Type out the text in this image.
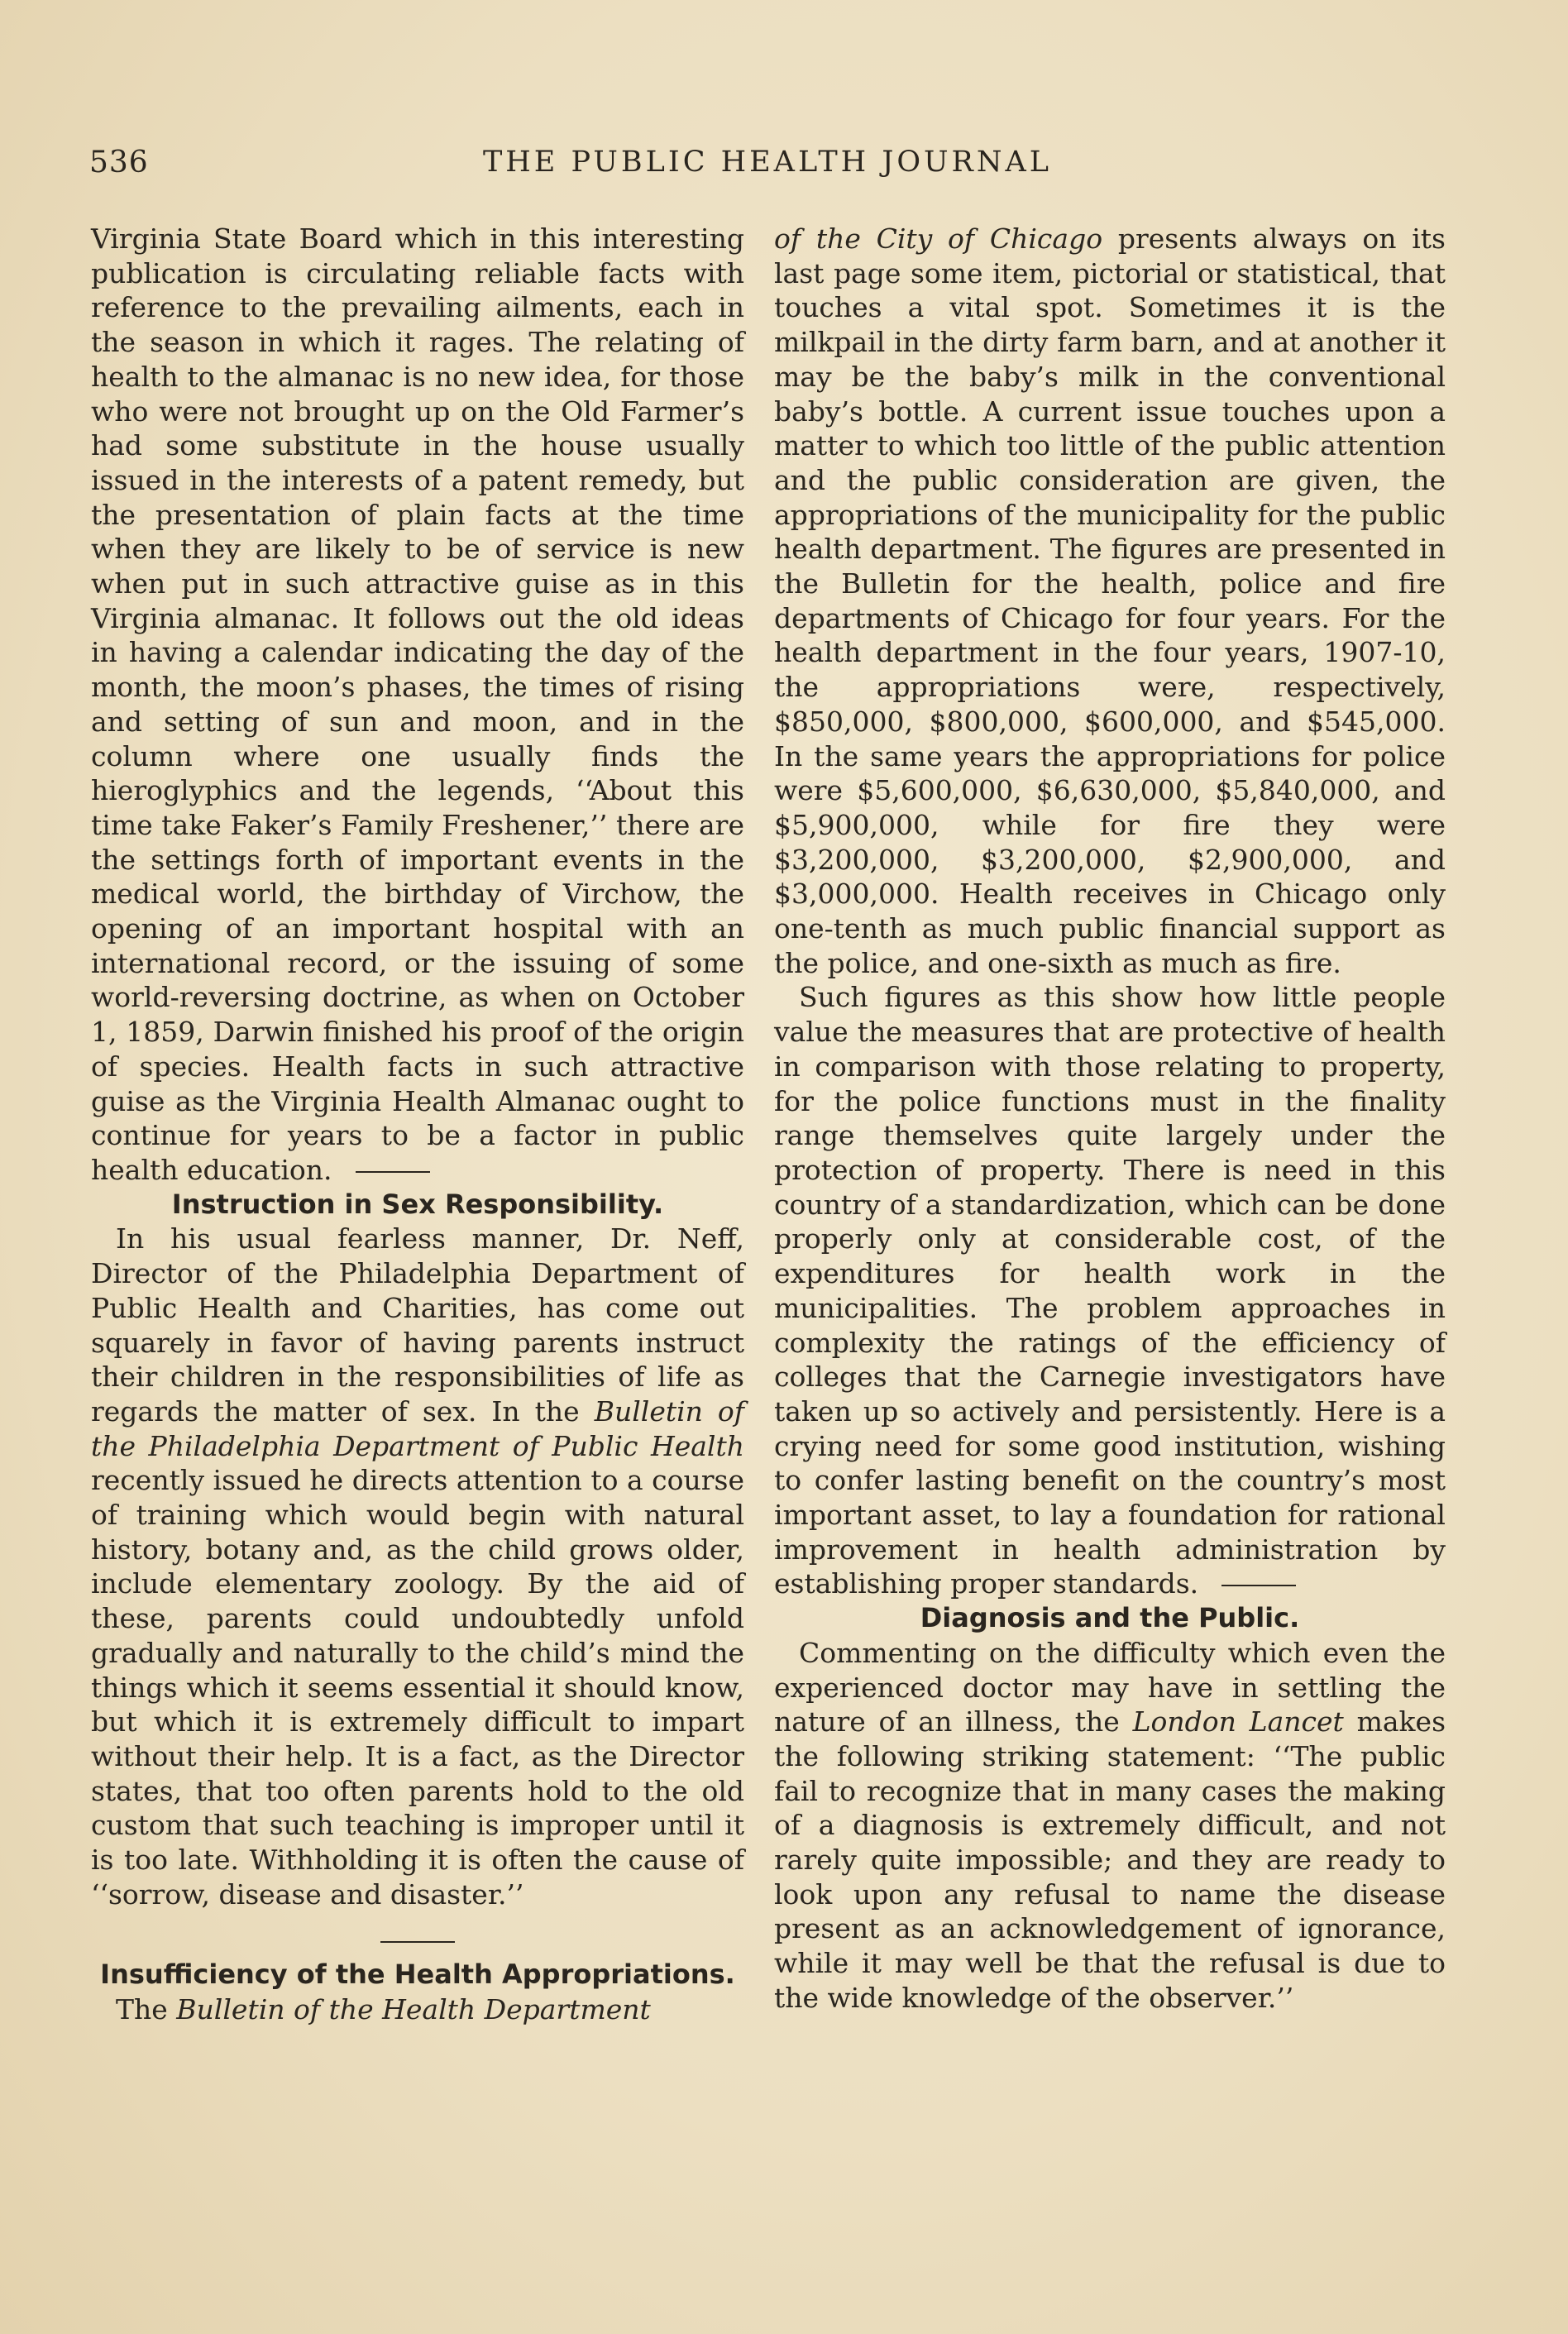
536	THE PUBLIC HEALTH JOURNAL

Virginia State Board which in this interesting publication is circulating reliable facts with reference to the prevailing ailments, each in the season in which it rages. The relating of health to the almanac is no new idea, for those who were not brought up on the Old Farmer’s had some substitute in the house usually issued in the interests of a patent remedy, but the presentation of plain facts at the time when they are likely to be of service is new when put in such attractive guise as in this Virginia almanac. It follows out the old ideas in having a calendar indicating the day of the month, the moon’s phases, the times of rising and setting of sun and moon, and in the column where one usually finds the hieroglyphics and the legends, ‘‘About this time take Faker’s Family Freshener,’’ there are the settings forth of important events in the medical world, the birthday of Virchow, the opening of an important hospital with an international record, or the issuing of some world-reversing doctrine, as when on October 1, 1859, Darwin finished his proof of the origin of species. Health facts in such attractive guise as the Virginia Health Almanac ought to continue for years to be a factor in public health education.

Instruction in Sex Responsibility.

In his usual fearless manner, Dr. Neff, Director of the Philadelphia Department of Public Health and Charities, has come out squarely in favor of having parents instruct their children in the responsibilities of life as regards the matter of sex. In the Bulletin of the Philadelphia Department of Public Health recently issued he directs attention to a course of training which would begin with natural history, botany and, as the child grows older, include elementary zoology. By the aid of these, parents could undoubtedly unfold gradually and naturally to the child’s mind the things which it seems essential it should know, but which it is extremely difficult to impart without their help. It is a fact, as the Director states, that too often parents hold to the old custom that such teaching is improper until it is too late. Withholding it is often the cause of ‘‘sorrow, disease and disaster.’’

Insufficiency of the Health Appropriations.

The Bulletin of the Health Department

of the City of Chicago presents always on its last page some item, pictorial or statistical, that touches a vital spot. Sometimes it is the milkpail in the dirty farm barn, and at another it may be the baby’s milk in the conventional baby’s bottle. A current issue touches upon a matter to which too little of the public attention and the public consideration are given, the appropriations of the municipality for the public health department. The figures are presented in the Bulletin for the health, police and fire departments of Chicago for four years. For the health department in the four years, 1907-10, the appropriations were, respectively, $850,000, $800,000, $600,000, and $545,000. In the same years the appropriations for police were $5,600,000, $6,630,000, $5,840,000, and $5,900,000, while for fire they were $3,200,000, $3,200,000, $2,900,000, and $3,000,000. Health receives in Chicago only one-tenth as much public financial support as the police, and one-sixth as much as fire.

Such figures as this show how little people value the measures that are protective of health in comparison with those relating to property, for the police functions must in the finality range themselves quite largely under the protection of property. There is need in this country of a standardization, which can be done properly only at considerable cost, of the expenditures for health work in the municipalities. The problem approaches in complexity the ratings of the efficiency of colleges that the Carnegie investigators have taken up so actively and persistently. Here is a crying need for some good institution, wishing to confer lasting benefit on the country’s most important asset, to lay a foundation for rational improvement in health administration by establishing proper standards.

Diagnosis and the Public.

Commenting on the difficulty which even the experienced doctor may have in settling the nature of an illness, the London Lancet makes the following striking statement: ‘‘The public fail to recognize that in many cases the making of a diagnosis is extremely difficult, and not rarely quite impossible; and they are ready to look upon any refusal to name the disease present as an acknowledgement of ignorance, while it may well be that the refusal is due to the wide knowledge of the observer.’’
